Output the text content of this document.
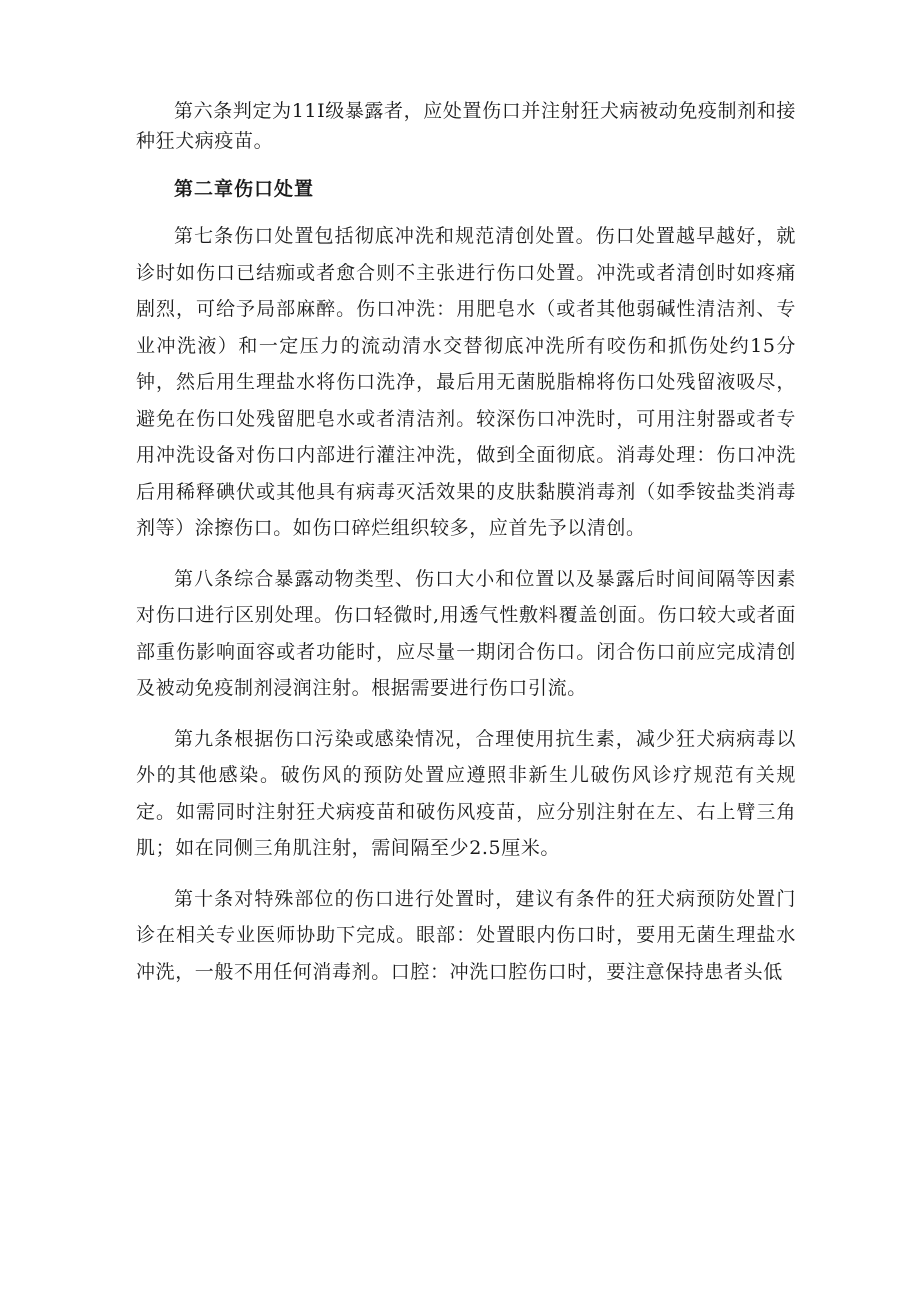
第六条判定为11I级暴露者，应处置伤口并注射狂犬病被动免疫制剂和接种狂犬病疫苗。

第二章伤口处置

第七条伤口处置包括彻底冲洗和规范清创处置。伤口处置越早越好，就诊时如伤口已结痂或者愈合则不主张进行伤口处置。冲洗或者清创时如疼痛剧烈，可给予局部麻醉。伤口冲洗：用肥皂水（或者其他弱碱性清洁剂、专业冲洗液）和一定压力的流动清水交替彻底冲洗所有咬伤和抓伤处约15分钟，然后用生理盐水将伤口洗净，最后用无菌脱脂棉将伤口处残留液吸尽，避免在伤口处残留肥皂水或者清洁剂。较深伤口冲洗时，可用注射器或者专用冲洗设备对伤口内部进行灌注冲洗，做到全面彻底。消毒处理：伤口冲洗后用稀释碘伏或其他具有病毒灭活效果的皮肤黏膜消毒剂（如季铵盐类消毒剂等）涂擦伤口。如伤口碎烂组织较多，应首先予以清创。

第八条综合暴露动物类型、伤口大小和位置以及暴露后时间间隔等因素对伤口进行区别处理。伤口轻微时,用透气性敷料覆盖创面。伤口较大或者面部重伤影响面容或者功能时，应尽量一期闭合伤口。闭合伤口前应完成清创及被动免疫制剂浸润注射。根据需要进行伤口引流。

第九条根据伤口污染或感染情况，合理使用抗生素，减少狂犬病病毒以外的其他感染。破伤风的预防处置应遵照非新生儿破伤风诊疗规范有关规定。如需同时注射狂犬病疫苗和破伤风疫苗，应分别注射在左、右上臂三角肌；如在同侧三角肌注射，需间隔至少2.5厘米。

第十条对特殊部位的伤口进行处置时，建议有条件的狂犬病预防处置门诊在相关专业医师协助下完成。眼部：处置眼内伤口时，要用无菌生理盐水冲洗，一般不用任何消毒剂。口腔：冲洗口腔伤口时，要注意保持患者头低
